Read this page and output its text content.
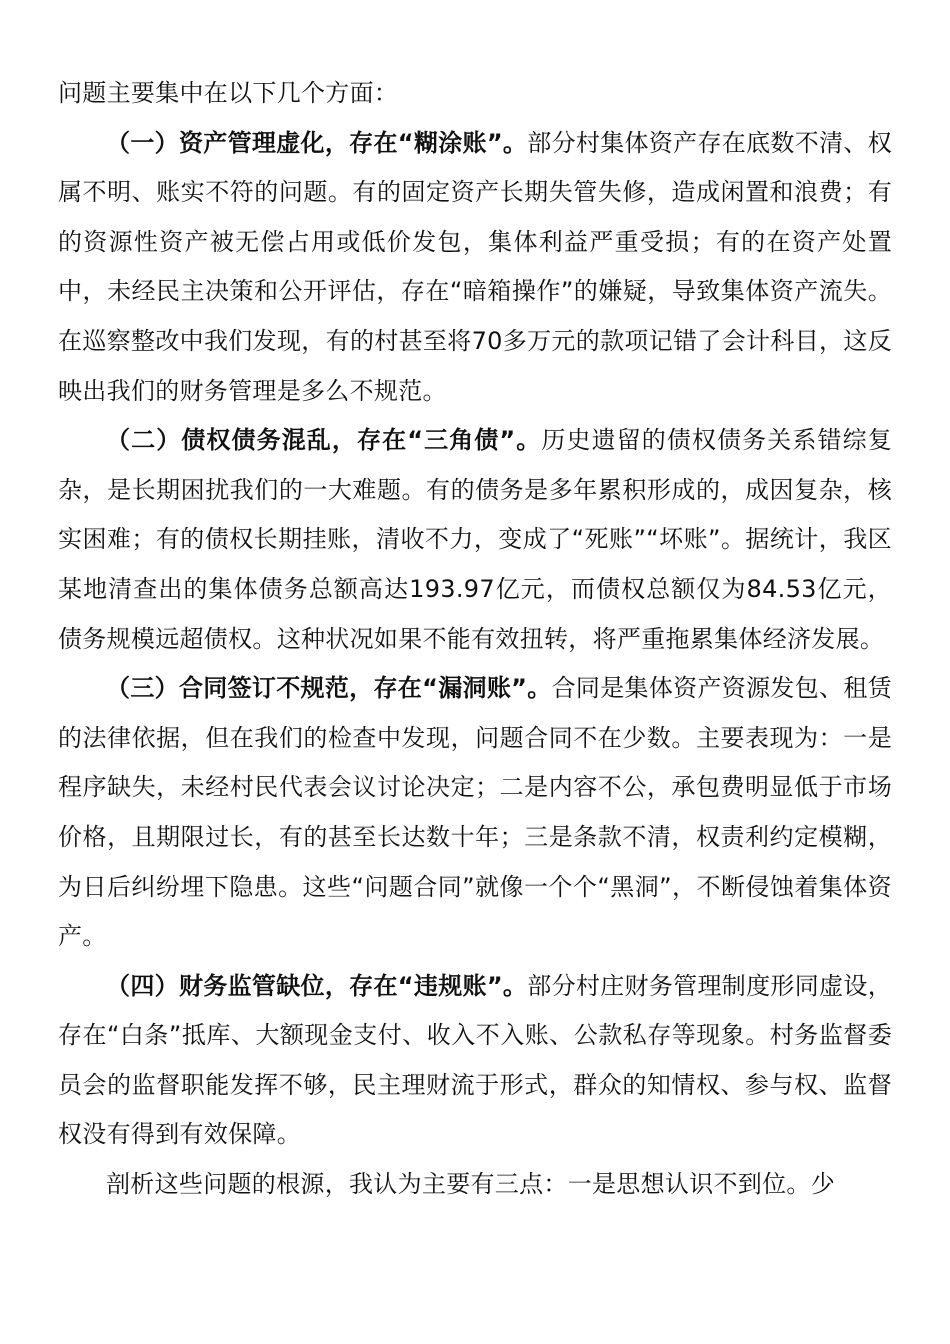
问题主要集中在以下几个方面：

（一）资产管理虚化，存在“糊涂账”。部分村集体资产存在底数不清、权属不明、账实不符的问题。有的固定资产长期失管失修，造成闲置和浪费；有的资源性资产被无偿占用或低价发包，集体利益严重受损；有的在资产处置中，未经民主决策和公开评估，存在“暗箱操作”的嫌疑，导致集体资产流失。在巡察整改中我们发现，有的村甚至将70多万元的款项记错了会计科目，这反映出我们的财务管理是多么不规范。

（二）债权债务混乱，存在“三角债”。历史遗留的债权债务关系错综复杂，是长期困扰我们的一大难题。有的债务是多年累积形成的，成因复杂，核实困难；有的债权长期挂账，清收不力，变成了“死账”“坏账”。据统计，我区某地清查出的集体债务总额高达193.97亿元，而债权总额仅为84.53亿元，债务规模远超债权。这种状况如果不能有效扭转，将严重拖累集体经济发展。

（三）合同签订不规范，存在“漏洞账”。合同是集体资产资源发包、租赁的法律依据，但在我们的检查中发现，问题合同不在少数。主要表现为：一是程序缺失，未经村民代表会议讨论决定；二是内容不公，承包费明显低于市场价格，且期限过长，有的甚至长达数十年；三是条款不清，权责利约定模糊，为日后纠纷埋下隐患。这些“问题合同”就像一个个“黑洞”，不断侵蚀着集体资产。

（四）财务监管缺位，存在“违规账”。部分村庄财务管理制度形同虚设，存在“白条”抵库、大额现金支付、收入不入账、公款私存等现象。村务监督委员会的监督职能发挥不够，民主理财流于形式，群众的知情权、参与权、监督权没有得到有效保障。

剖析这些问题的根源，我认为主要有三点：一是思想认识不到位。少
